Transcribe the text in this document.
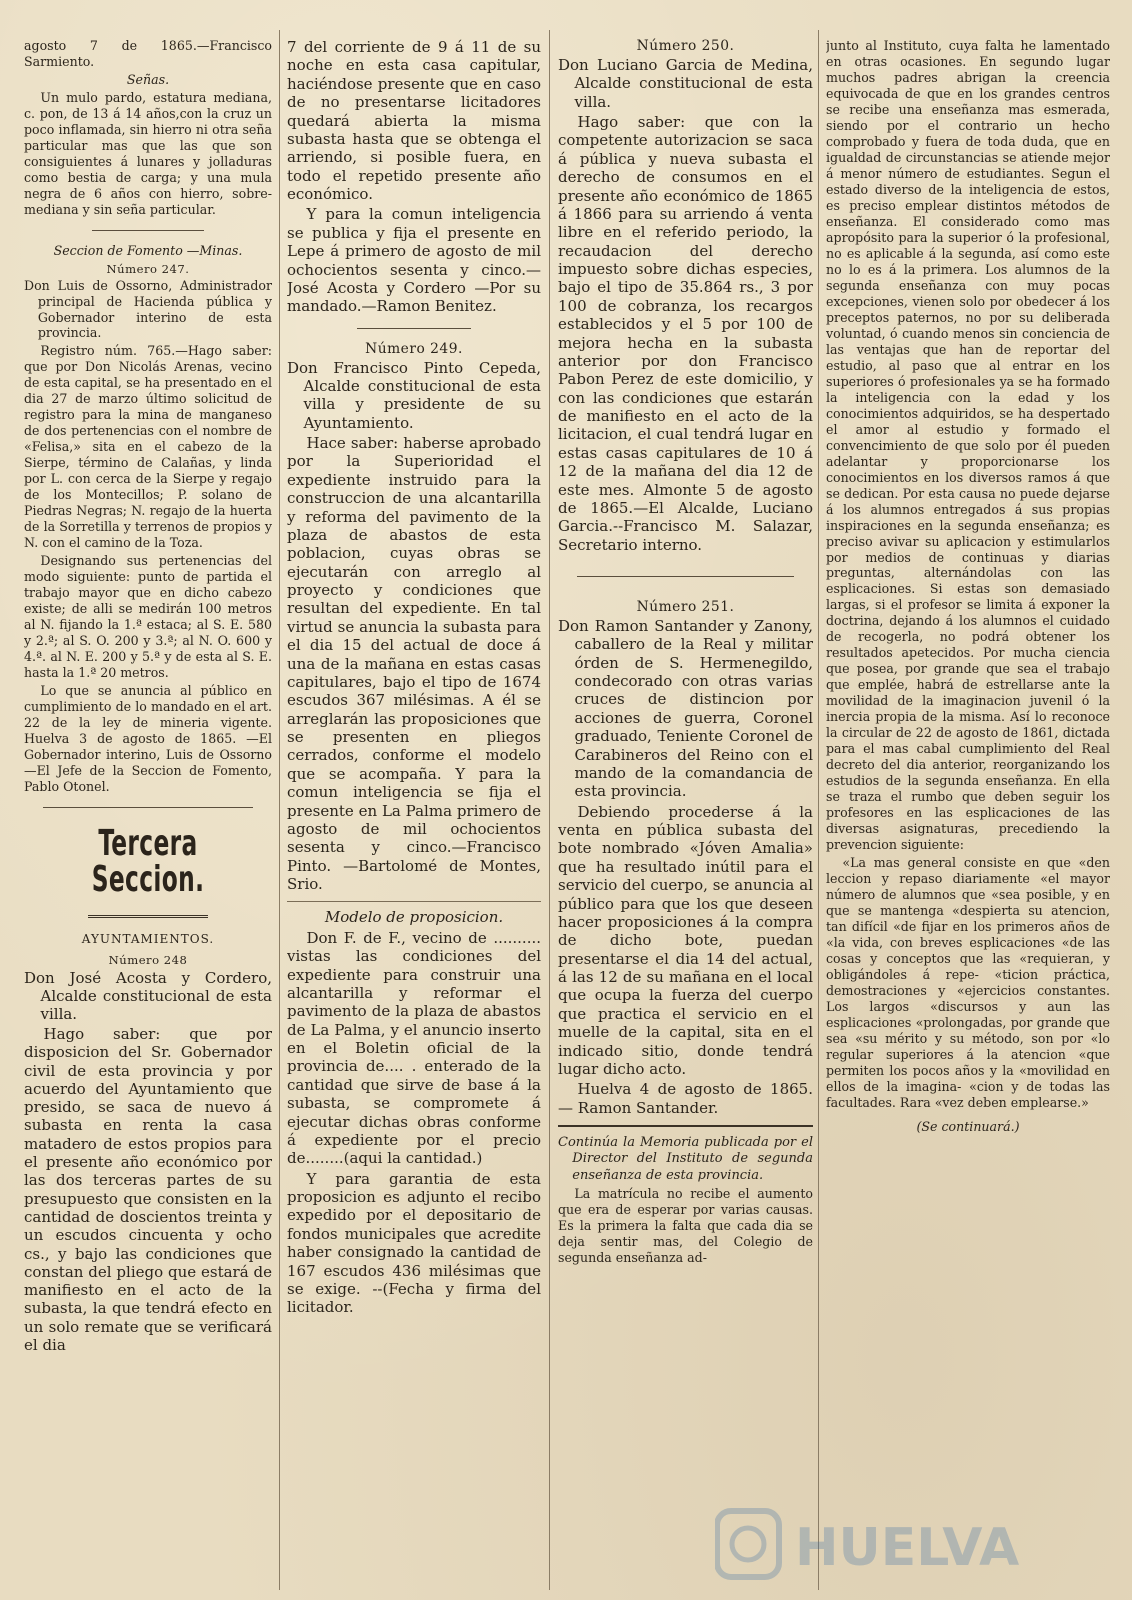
agosto 7 de 1865.—Francisco Sarmiento.

Señas.

Un mulo pardo, estatura mediana, c. pon, de 13 á 14 años,con la cruz un poco inflamada, sin hierro ni otra seña particular mas que las que son consiguientes á lunares y jolladuras como bestia de carga; y una mula negra de 6 años con hierro, sobre-mediana y sin seña particular.

Seccion de Fomento —Minas.

Número 247.

Don Luis de Ossorno, Administrador principal de Hacienda pública y Gobernador interino de esta provincia.

Registro núm. 765.—Hago saber: que por Don Nicolás Arenas, vecino de esta capital, se ha presentado en el dia 27 de marzo último solicitud de registro para la mina de manganeso de dos pertenencias con el nombre de «Felisa,» sita en el cabezo de la Sierpe, término de Calañas, y linda por L. con cerca de la Sierpe y regajo de los Montecillos; P. solano de Piedras Negras; N. regajo de la huerta de la Sorretilla y terrenos de propios y N. con el camino de la Toza.

Designando sus pertenencias del modo siguiente: punto de partida el trabajo mayor que en dicho cabezo existe; de alli se medirán 100 metros al N. fijando la 1.ª estaca; al S. E. 580 y 2.ª; al S. O. 200 y 3.ª; al N. O. 600 y 4.ª. al N. E. 200 y 5.ª y de esta al S. E. hasta la 1.ª 20 metros.

Lo que se anuncia al público en cumplimiento de lo mandado en el art. 22 de la ley de mineria vigente. Huelva 3 de agosto de 1865. —El Gobernador interino, Luis de Ossorno —El Jefe de la Seccion de Fomento, Pablo Otonel.

Tercera Seccion.

AYUNTAMIENTOS.

Número 248

Don José Acosta y Cordero, Alcalde constitucional de esta villa.

Hago saber: que por disposicion del Sr. Gobernador civil de esta provincia y por acuerdo del Ayuntamiento que presido, se saca de nuevo á subasta en renta la casa matadero de estos propios para el presente año económico por las dos terceras partes de su presupuesto que consisten en la cantidad de doscientos treinta y un escudos cincuenta y ocho cs., y bajo las condiciones que constan del pliego que estará de manifiesto en el acto de la subasta, la que tendrá efecto en un solo remate que se verificará el dia

7 del corriente de 9 á 11 de su noche en esta casa capitular, haciéndose presente que en caso de no presentarse licitadores quedará abierta la misma subasta hasta que se obtenga el arriendo, si posible fuera, en todo el repetido presente año económico.

Y para la comun inteligencia se publica y fija el presente en Lepe á primero de agosto de mil ochocientos sesenta y cinco.—José Acosta y Cordero —Por su mandado.—Ramon Benitez.

Número 249.

Don Francisco Pinto Cepeda, Alcalde constitucional de esta villa y presidente de su Ayuntamiento.

Hace saber: haberse aprobado por la Superioridad el expediente instruido para la construccion de una alcantarilla y reforma del pavimento de la plaza de abastos de esta poblacion, cuyas obras se ejecutarán con arreglo al proyecto y condiciones que resultan del expediente. En tal virtud se anuncia la subasta para el dia 15 del actual de doce á una de la mañana en estas casas capitulares, bajo el tipo de 1674 escudos 367 milésimas. A él se arreglarán las proposiciones que se presenten en pliegos cerrados, conforme el modelo que se acompaña. Y para la comun inteligencia se fija el presente en La Palma primero de agosto de mil ochocientos sesenta y cinco.—Francisco Pinto. —Bartolomé de Montes, Srio.

Modelo de proposicion.

Don F. de F., vecino de .......... vistas las condiciones del expediente para construir una alcantarilla y reformar el pavimento de la plaza de abastos de La Palma, y el anuncio inserto en el Boletin oficial de la provincia de.... . enterado de la cantidad que sirve de base á la subasta, se compromete á ejecutar dichas obras conforme á expediente por el precio de........(aqui la cantidad.)

Y para garantia de esta proposicion es adjunto el recibo expedido por el depositario de fondos municipales que acredite haber consignado la cantidad de 167 escudos 436 milésimas que se exige. --(Fecha y firma del licitador.

Número 250.

Don Luciano Garcia de Medina, Alcalde constitucional de esta villa.

Hago saber: que con la competente autorizacion se saca á pública y nueva subasta el derecho de consumos en el presente año económico de 1865 á 1866 para su arriendo á venta libre en el referido periodo, la recaudacion del derecho impuesto sobre dichas especies, bajo el tipo de 35.864 rs., 3 por 100 de cobranza, los recargos establecidos y el 5 por 100 de mejora hecha en la subasta anterior por don Francisco Pabon Perez de este domicilio, y con las condiciones que estarán de manifiesto en el acto de la licitacion, el cual tendrá lugar en estas casas capitulares de 10 á 12 de la mañana del dia 12 de este mes. Almonte 5 de agosto de 1865.—El Alcalde, Luciano Garcia.--Francisco M. Salazar, Secretario interno.

Número 251.

Don Ramon Santander y Zanony, caballero de la Real y militar órden de S. Hermenegildo, condecorado con otras varias cruces de distincion por acciones de guerra, Coronel graduado, Teniente Coronel de Carabineros del Reino con el mando de la comandancia de esta provincia.

Debiendo procederse á la venta en pública subasta del bote nombrado «Jóven Amalia» que ha resultado inútil para el servicio del cuerpo, se anuncia al público para que los que deseen hacer proposiciones á la compra de dicho bote, puedan presentarse el dia 14 del actual, á las 12 de su mañana en el local que ocupa la fuerza del cuerpo que practica el servicio en el muelle de la capital, sita en el indicado sitio, donde tendrá lugar dicho acto.

Huelva 4 de agosto de 1865. — Ramon Santander.

Continúa la Memoria publicada por el Director del Instituto de segunda enseñanza de esta provincia.

La matrícula no recibe el aumento que era de esperar por varias causas. Es la primera la falta que cada dia se deja sentir mas, del Colegio de segunda enseñanza ad-

junto al Instituto, cuya falta he lamentado en otras ocasiones. En segundo lugar muchos padres abrigan la creencia equivocada de que en los grandes centros se recibe una enseñanza mas esmerada, siendo por el contrario un hecho comprobado y fuera de toda duda, que en igualdad de circunstancias se atiende mejor á menor número de estudiantes. Segun el estado diverso de la inteligencia de estos, es preciso emplear distintos métodos de enseñanza. El considerado como mas apropósito para la superior ó la profesional, no es aplicable á la segunda, así como este no lo es á la primera. Los alumnos de la segunda enseñanza con muy pocas excepciones, vienen solo por obedecer á los preceptos paternos, no por su deliberada voluntad, ó cuando menos sin conciencia de las ventajas que han de reportar del estudio, al paso que al entrar en los superiores ó profesionales ya se ha formado la inteligencia con la edad y los conocimientos adquiridos, se ha despertado el amor al estudio y formado el convencimiento de que solo por él pueden adelantar y proporcionarse los conocimientos en los diversos ramos á que se dedican. Por esta causa no puede dejarse á los alumnos entregados á sus propias inspiraciones en la segunda enseñanza; es preciso avivar su aplicacion y estimularlos por medios de continuas y diarias preguntas, alternándolas con las esplicaciones. Si estas son demasiado largas, si el profesor se limita á exponer la doctrina, dejando á los alumnos el cuidado de recogerla, no podrá obtener los resultados apetecidos. Por mucha ciencia que posea, por grande que sea el trabajo que emplée, habrá de estrellarse ante la movilidad de la imaginacion juvenil ó la inercia propia de la misma. Así lo reconoce la circular de 22 de agosto de 1861, dictada para el mas cabal cumplimiento del Real decreto del dia anterior, reorganizando los estudios de la segunda enseñanza. En ella se traza el rumbo que deben seguir los profesores en las esplicaciones de las diversas asignaturas, precediendo la prevencion siguiente:

«La mas general consiste en que «den leccion y repaso diariamente «el mayor número de alumnos que «sea posible, y en que se mantenga «despierta su atencion, tan difícil «de fijar en los primeros años de «la vida, con breves esplicaciones «de las cosas y conceptos que las «requieran, y obligándoles á repe- «ticion práctica, demostraciones y «ejercicios constantes. Los largos «discursos y aun las esplicaciones «prolongadas, por grande que sea «su mérito y su método, son por «lo regular superiores á la atencion «que permiten los pocos años y la «movilidad en ellos de la imagina- «cion y de todas las facultades. Rara «vez deben emplearse.»

(Se continuará.)

HUELVA
